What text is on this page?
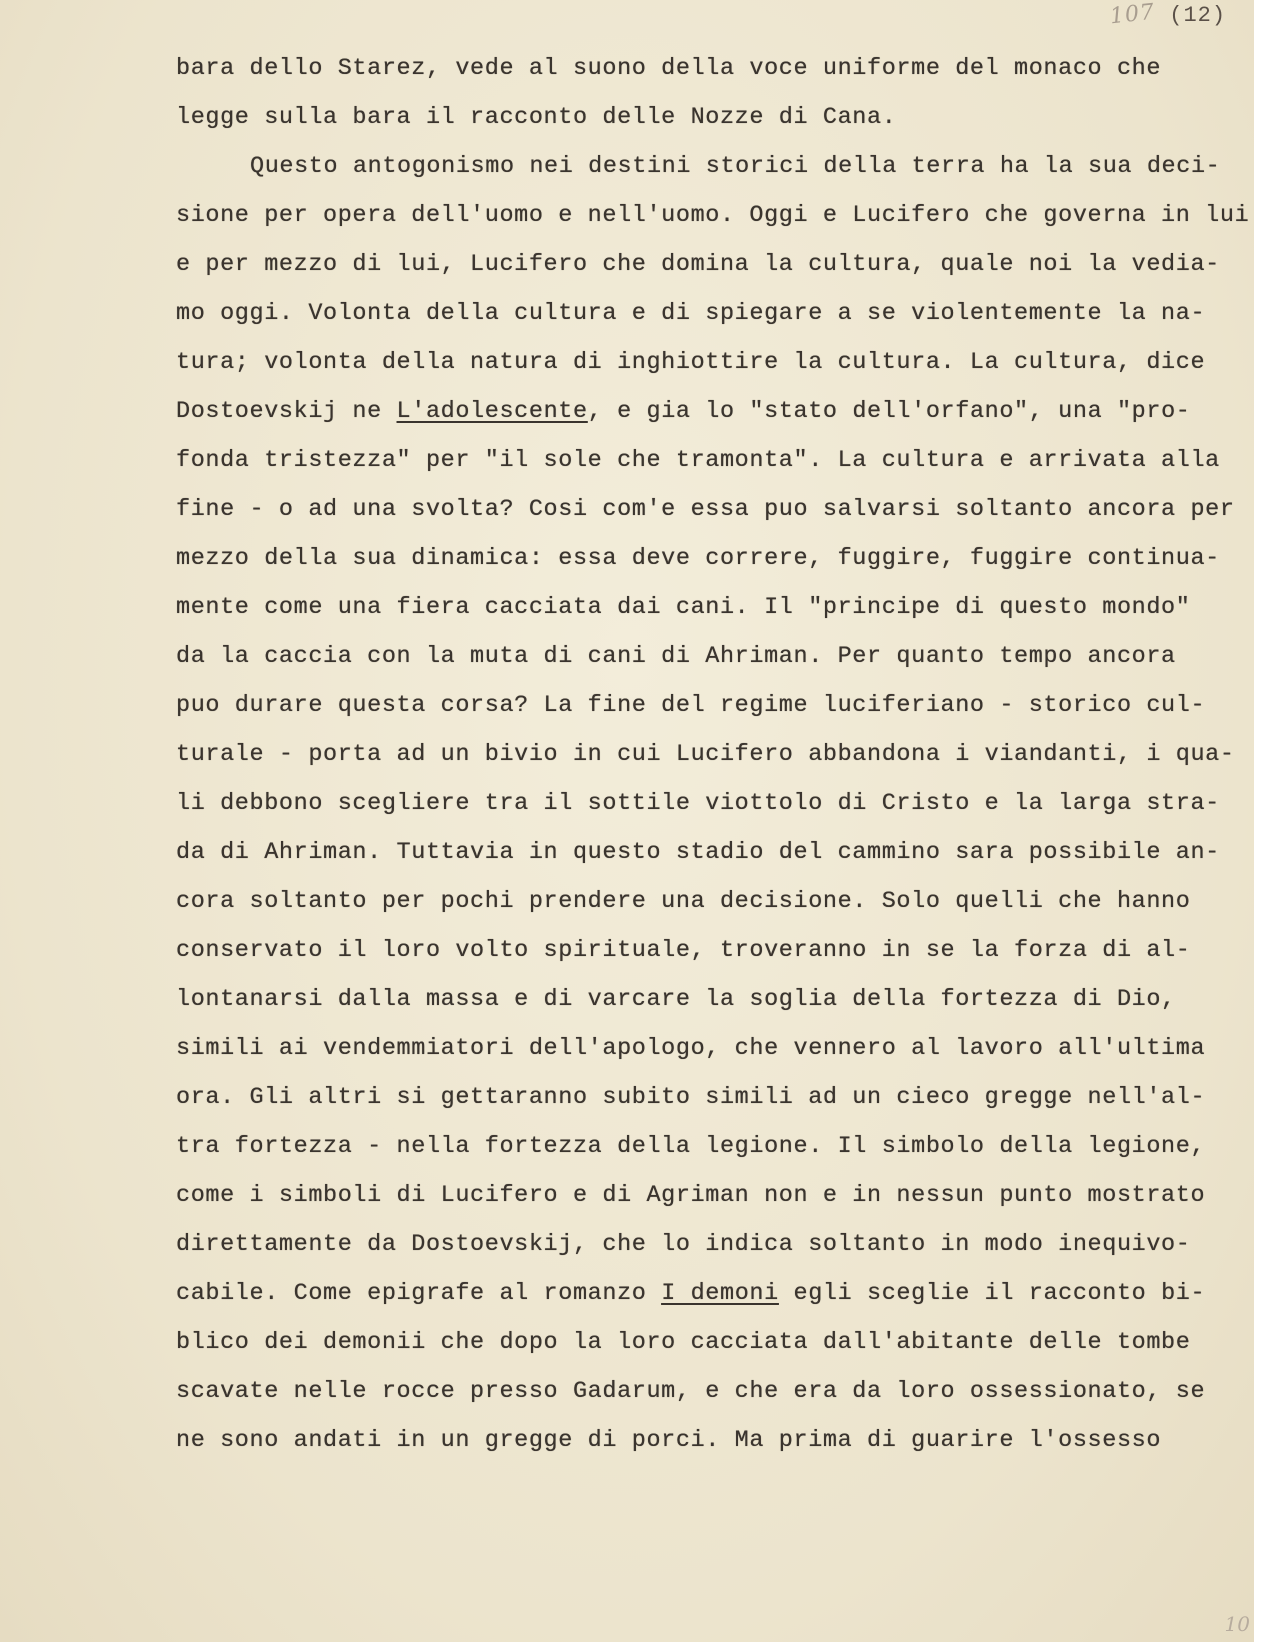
107 (12)
bara dello Starez, vede al suono della voce uniforme del monaco che
legge sulla bara il racconto delle Nozze di Cana.
Questo antogonismo nei destini storici della terra ha la sua deci-
sione per opera dell'uomo e nell'uomo. Oggi e Lucifero che governa in lui
e per mezzo di lui, Lucifero che domina la cultura, quale noi la vedia-
mo oggi. Volonta della cultura e di spiegare a se violentemente la na-
tura; volonta della natura di inghiottire la cultura. La cultura, dice
Dostoevskij ne L'adolescente, e gia lo "stato dell'orfano", una "pro-
fonda tristezza" per "il sole che tramonta". La cultura e arrivata alla
fine - o ad una svolta? Cosi com'e essa puo salvarsi soltanto ancora per
mezzo della sua dinamica: essa deve correre, fuggire, fuggire continua-
mente come una fiera cacciata dai cani. Il "principe di questo mondo"
da la caccia con la muta di cani di Ahriman. Per quanto tempo ancora
puo durare questa corsa? La fine del regime luciferiano - storico cul-
turale - porta ad un bivio in cui Lucifero abbandona i viandanti, i qua-
li debbono scegliere tra il sottile viottolo di Cristo e la larga stra-
da di Ahriman. Tuttavia in questo stadio del cammino sara possibile an-
cora soltanto per pochi prendere una decisione. Solo quelli che hanno
conservato il loro volto spirituale, troveranno in se la forza di al-
lontanarsi dalla massa e di varcare la soglia della fortezza di Dio,
simili ai vendemmiatori dell'apologo, che vennero al lavoro all'ultima
ora. Gli altri si gettaranno subito simili ad un cieco gregge nell'al-
tra fortezza - nella fortezza della legione. Il simbolo della legione,
come i simboli di Lucifero e di Agriman non e in nessun punto mostrato
direttamente da Dostoevskij, che lo indica soltanto in modo inequivo-
cabile. Come epigrafe al romanzo I demoni egli sceglie il racconto bi-
blico dei demonii che dopo la loro cacciata dall'abitante delle tombe
scavate nelle rocce presso Gadarum, e che era da loro ossessionato, se
ne sono andati in un gregge di porci. Ma prima di guarire l'ossesso
10
